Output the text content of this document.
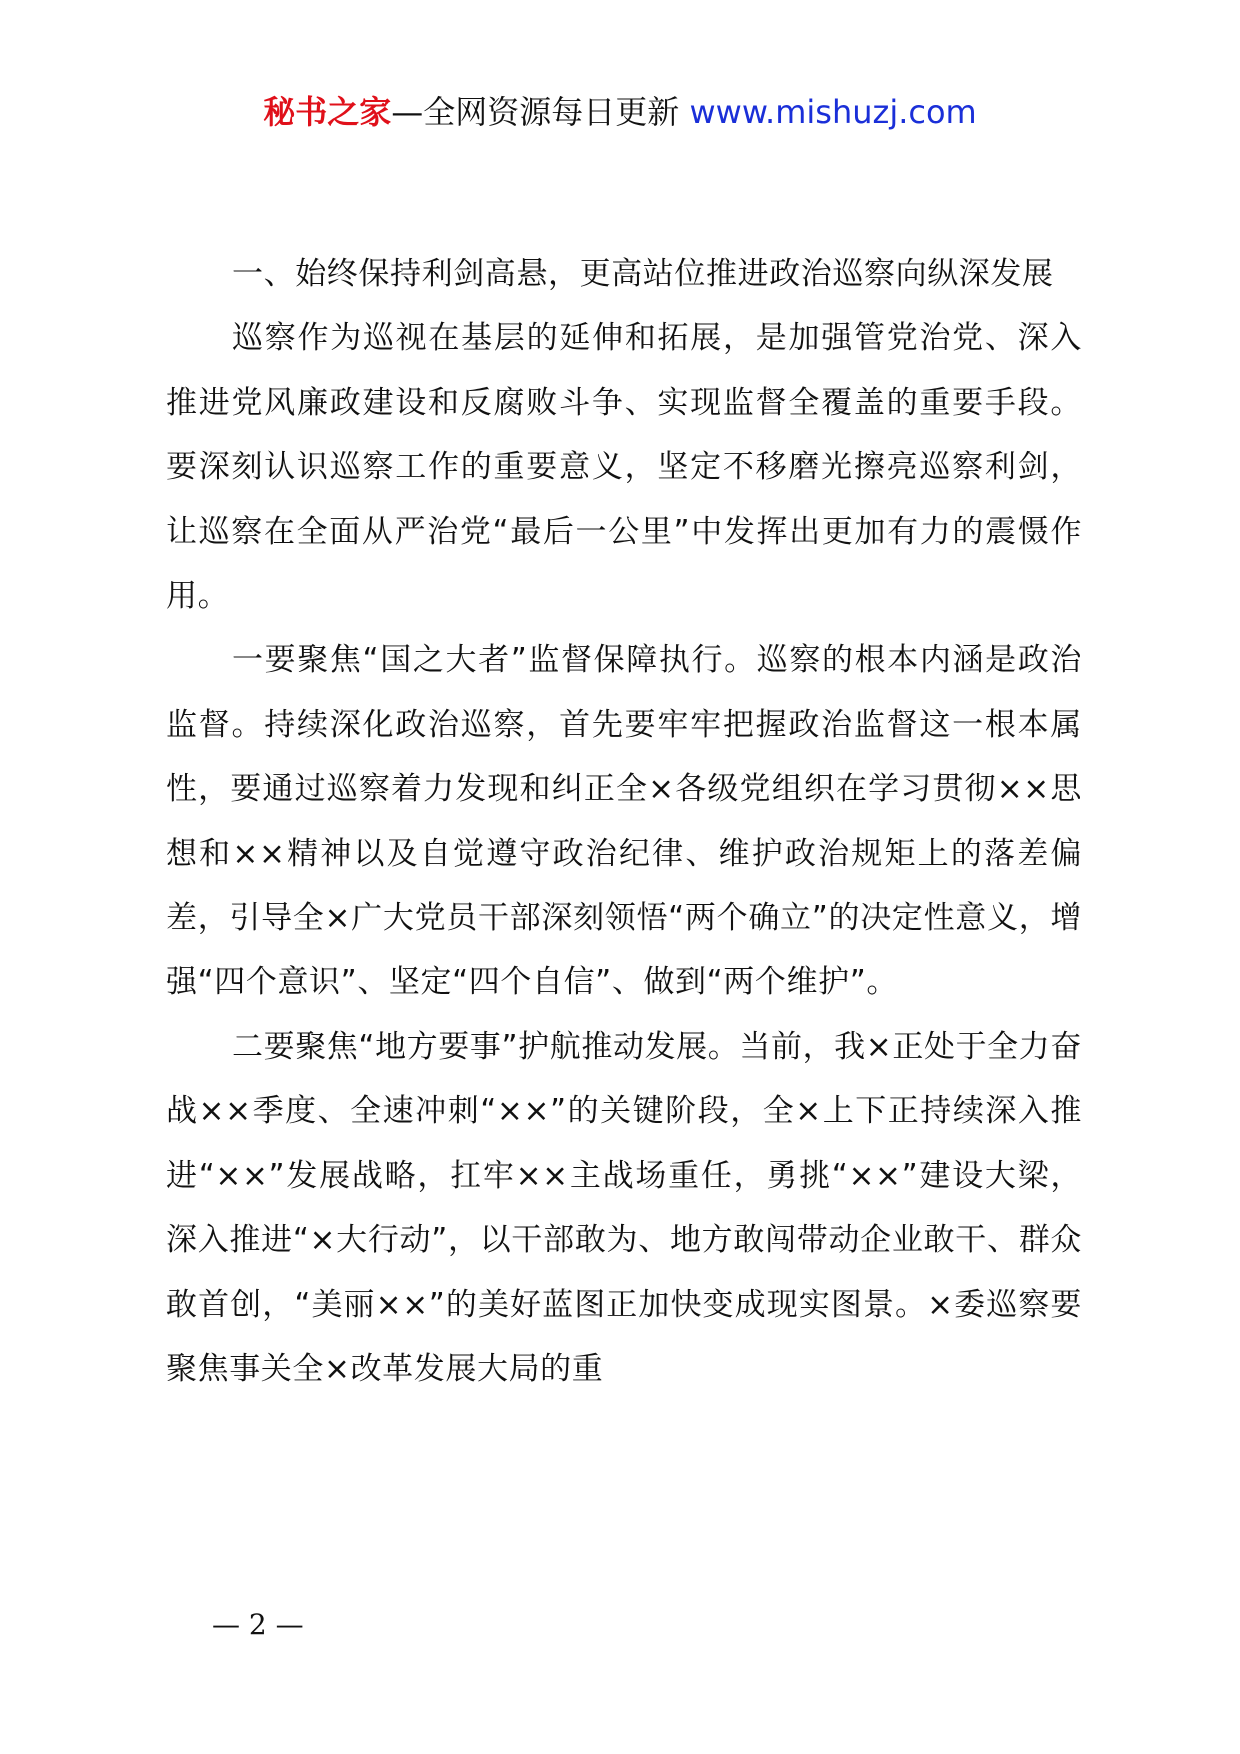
秘书之家—全网资源每日更新 www.mishuzj.com

一、始终保持利剑高悬，更高站位推进政治巡察向纵深发展

巡察作为巡视在基层的延伸和拓展，是加强管党治党、深入推进党风廉政建设和反腐败斗争、实现监督全覆盖的重要手段。要深刻认识巡察工作的重要意义，坚定不移磨光擦亮巡察利剑，让巡察在全面从严治党“最后一公里”中发挥出更加有力的震慑作用。

一要聚焦“国之大者”监督保障执行。巡察的根本内涵是政治监督。持续深化政治巡察，首先要牢牢把握政治监督这一根本属性，要通过巡察着力发现和纠正全×各级党组织在学习贯彻××思想和××精神以及自觉遵守政治纪律、维护政治规矩上的落差偏差，引导全×广大党员干部深刻领悟“两个确立”的决定性意义，增强“四个意识”、坚定“四个自信”、做到“两个维护”。

二要聚焦“地方要事”护航推动发展。当前，我×正处于全力奋战××季度、全速冲刺“××”的关键阶段，全×上下正持续深入推进“××”发展战略，扛牢××主战场重任，勇挑“××”建设大梁，深入推进“×大行动”，以干部敢为、地方敢闯带动企业敢干、群众敢首创，“美丽××”的美好蓝图正加快变成现实图景。×委巡察要聚焦事关全×改革发展大局的重

— 2 —
